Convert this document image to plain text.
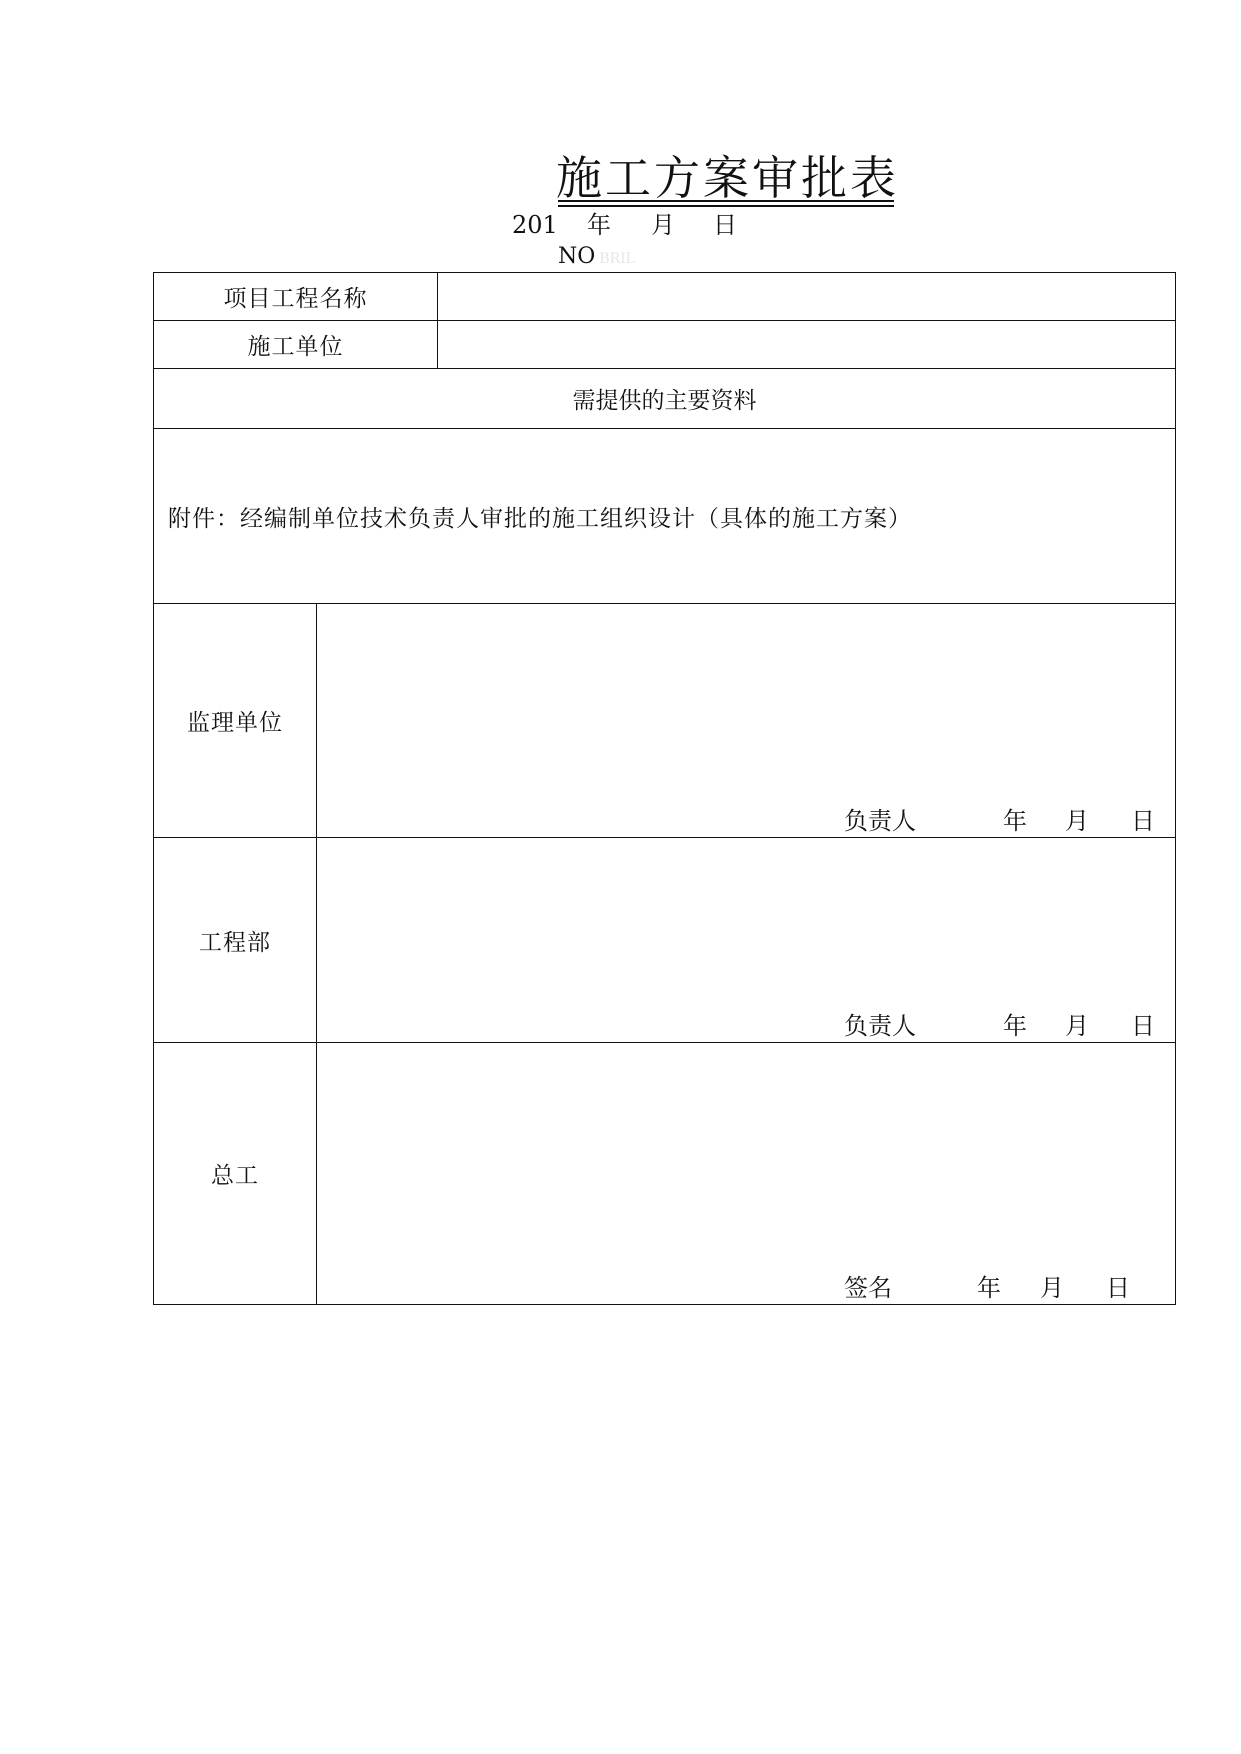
施工方案审批表
201 年 月 日
NO BRIL
项目工程名称		
施工单位		
需提供的主要资料		
附件：经编制单位技术负责人审批的施工组织设计（具体的施工方案）		
监理单位	负责人 年 月 日	

工程部	负责人 年 月 日	

总工	签名 年 月 日	
